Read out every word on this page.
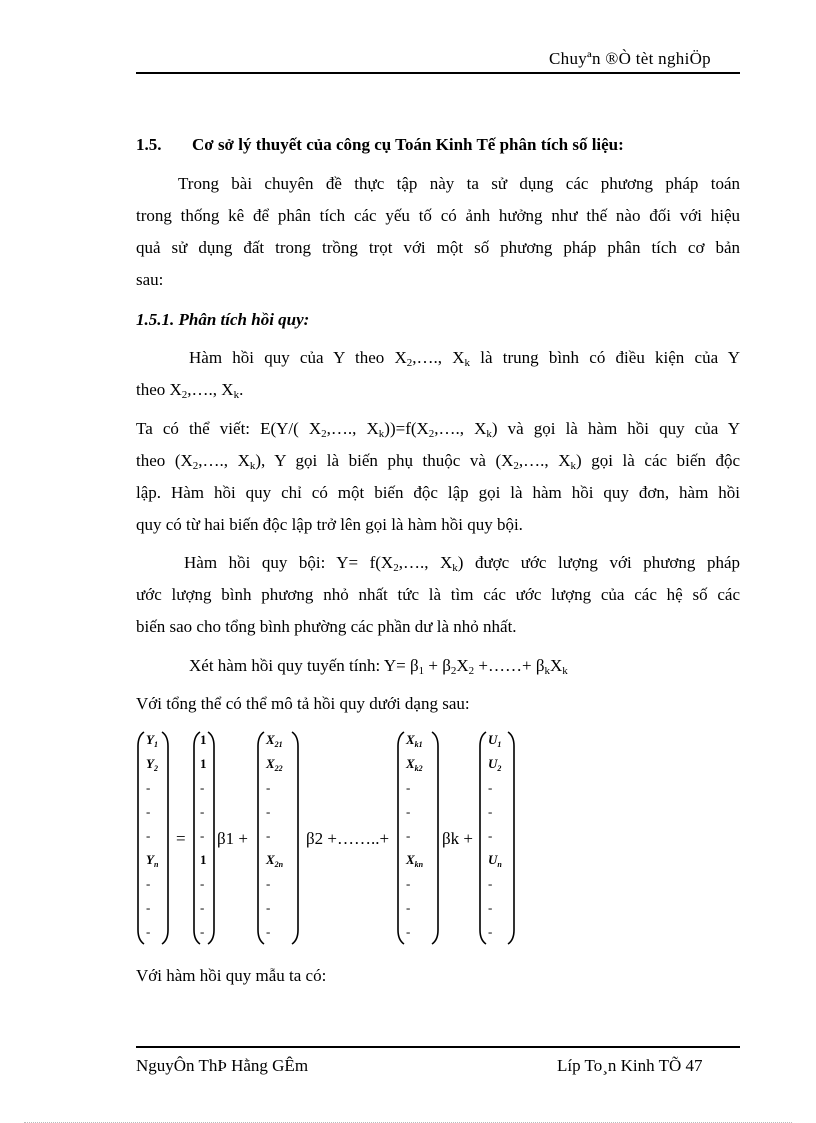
Chuyªn ®Ò tèt nghiÖp
1.5. Cơ sở lý thuyết của công cụ Toán Kinh Tế phân tích số liệu:
Trong bài chuyên đề thực tập này ta sử dụng các phương pháp toán
trong thống kê để phân tích các yếu tố có ảnh hưởng như thế nào đối với hiệu
quả sử dụng đất trong trồng trọt với một số phương pháp phân tích cơ bản
sau:
1.5.1. Phân tích hồi quy:
Hàm hồi quy của Y theo $X_2,\dots$., $X_k$ là trung bình có điều kiện của Y
theo $X_2,\dots$., $X_k$.
Ta có thể viết: E(Y/( $X_2,\dots$., $X_k))=f(X_2,\dots$., $X_k$) và gọi là hàm hồi quy của Y
theo ($X_2,\dots$., $X_k$), Y gọi là biến phụ thuộc và ($X_2,\dots$., $X_k$) gọi là các biến độc
lập. Hàm hồi quy chỉ có một biến độc lập gọi là hàm hồi quy đơn, hàm hồi
quy có từ hai biến độc lập trở lên gọi là hàm hồi quy bội.
Hàm hồi quy bội: $Y= f(X_2,\dots$., $X_k$) được ước lượng với phương pháp
ước lượng bình phương nhỏ nhất tức là tìm các ước lượng của các hệ số các
biến sao cho tổng bình phường các phần dư là nhỏ nhất.
Xét hàm hồi quy tuyến tính: $Y= \beta_1 + \beta_2X_2$ +……+ $\beta_kX_k$
Với tổng thể có thể mô tả hồi quy dưới dạng sau:
$Y_1$
$Y_2$
-
-
-
$Y_n$
-
-
-
=
1
1
-
-
-
1
-
-
-
β1 +
$X_{21}$
$X_{22}$
-
-
-
$X_{2n}$
-
-
-
β2 +……..+
$X_{k1}$
$X_{k2}$
-
-
-
$X_{kn}$
-
-
-
βk +
$U_1$
$U_2$
-
-
-
$U_n$
-
-
-
Với hàm hồi quy mẫu ta có:
NguyÔn ThÞ Hằng GÊm	Líp To¸n Kinh TÕ 47
